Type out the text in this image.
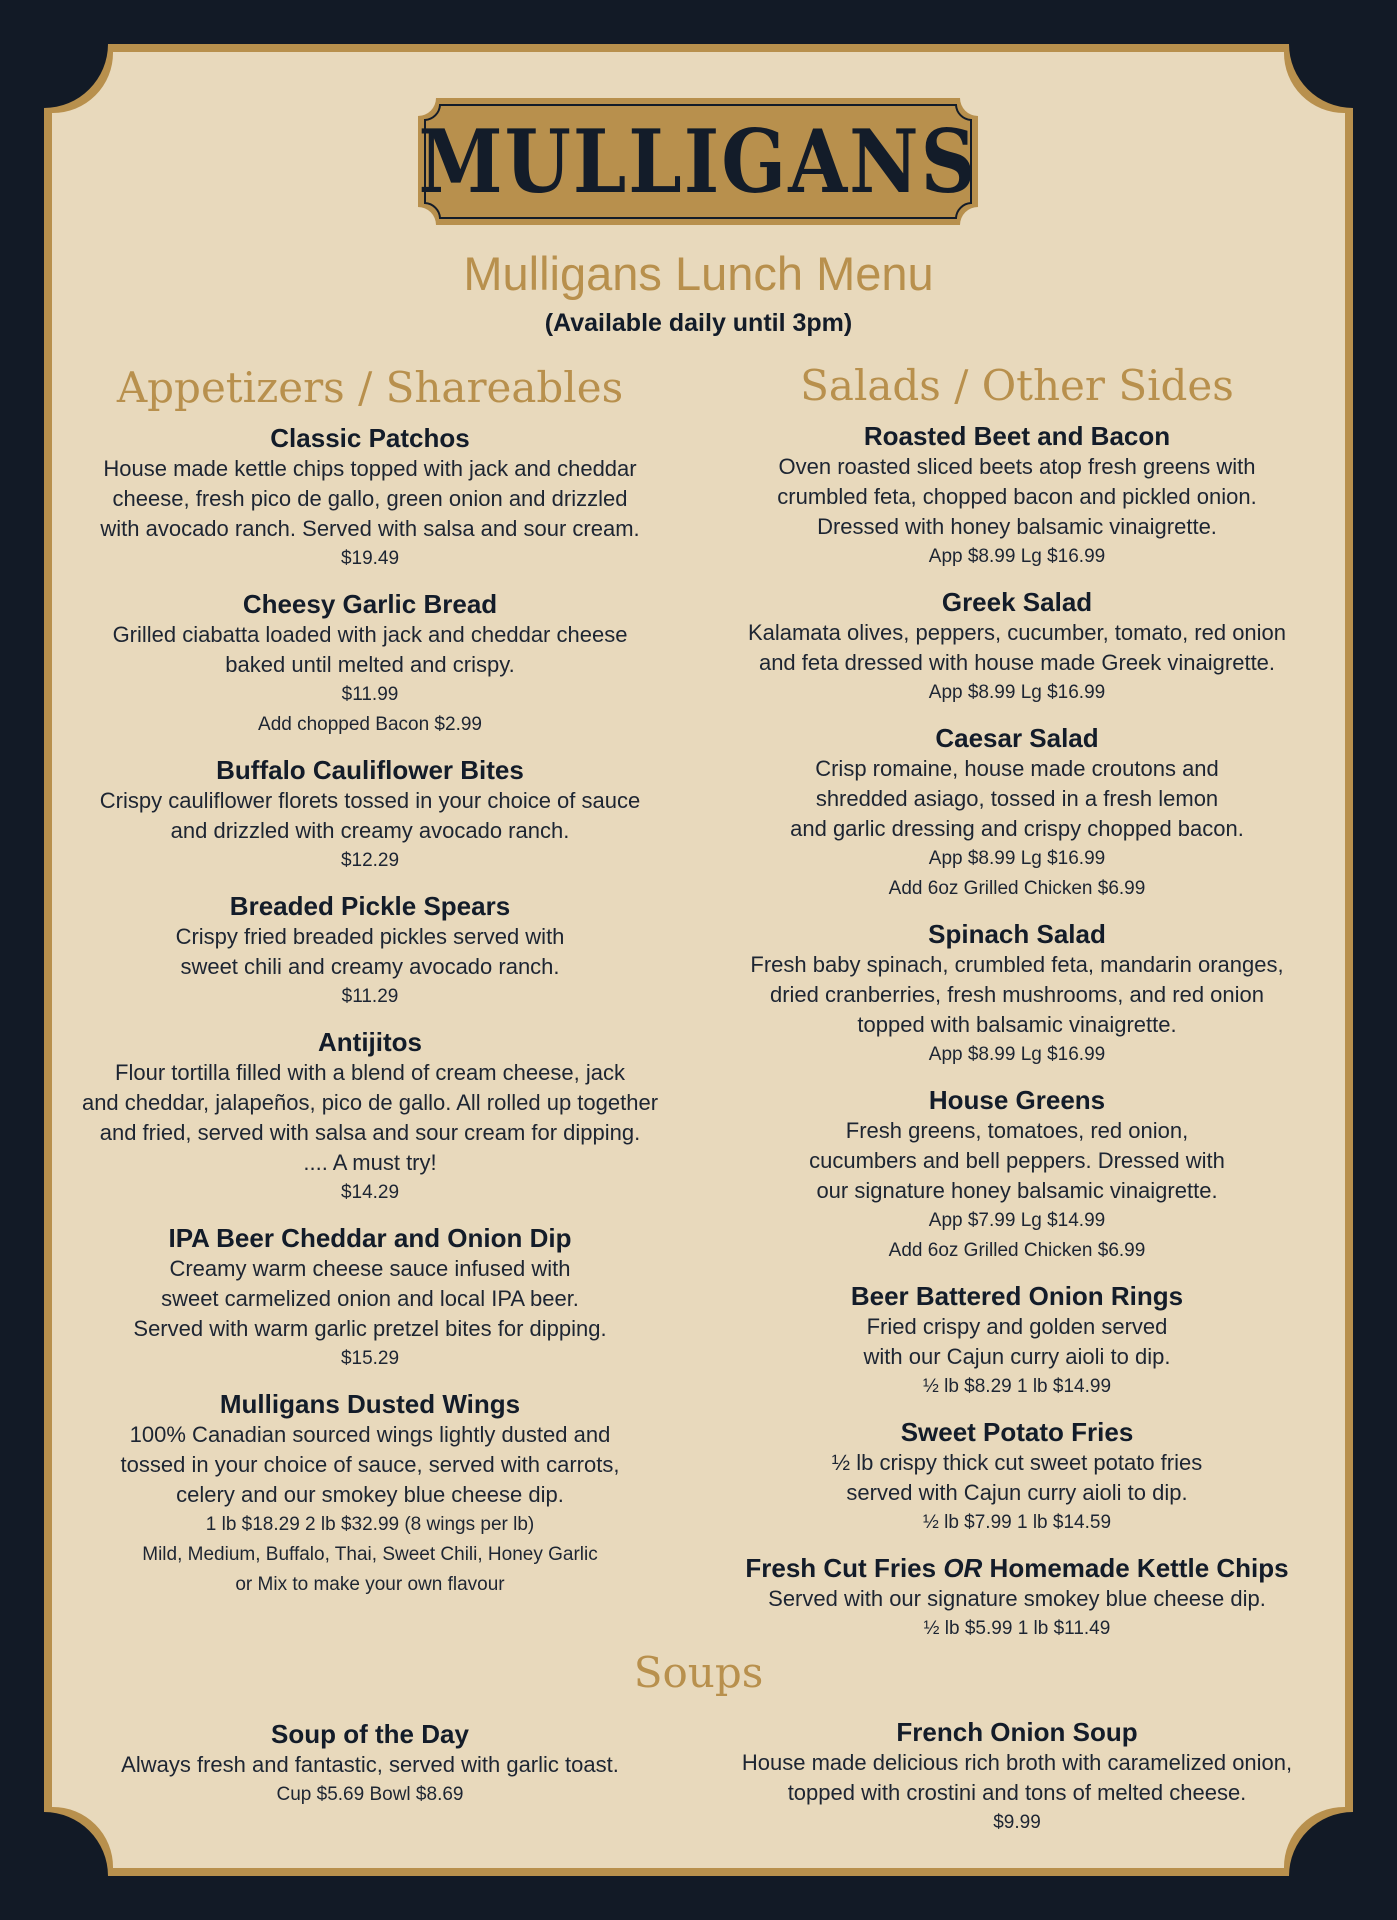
MULLIGANS
Mulligans Lunch Menu
(Available daily until 3pm)
Appetizers / Shareables
Classic Patchos
House made kettle chips topped with jack and cheddar
cheese, fresh pico de gallo, green onion and drizzled
with avocado ranch. Served with salsa and sour cream.
$19.49
Cheesy Garlic Bread
Grilled ciabatta loaded with jack and cheddar cheese
baked until melted and crispy.
$11.99
Add chopped Bacon $2.99
Buffalo Cauliflower Bites
Crispy cauliflower florets tossed in your choice of sauce
and drizzled with creamy avocado ranch.
$12.29
Breaded Pickle Spears
Crispy fried breaded pickles served with
sweet chili and creamy avocado ranch.
$11.29
Antijitos
Flour tortilla filled with a blend of cream cheese, jack
and cheddar, jalapeños, pico de gallo. All rolled up together
and fried, served with salsa and sour cream for dipping.
.... A must try!
$14.29
IPA Beer Cheddar and Onion Dip
Creamy warm cheese sauce infused with
sweet carmelized onion and local IPA beer.
Served with warm garlic pretzel bites for dipping.
$15.29
Mulligans Dusted Wings
100% Canadian sourced wings lightly dusted and
tossed in your choice of sauce, served with carrots,
celery and our smokey blue cheese dip.
1 lb $18.29 2 lb $32.99 (8 wings per lb)
Mild, Medium, Buffalo, Thai, Sweet Chili, Honey Garlic
or Mix to make your own flavour
Salads / Other Sides
Roasted Beet and Bacon
Oven roasted sliced beets atop fresh greens with
crumbled feta, chopped bacon and pickled onion.
Dressed with honey balsamic vinaigrette.
App $8.99 Lg $16.99
Greek Salad
Kalamata olives, peppers, cucumber, tomato, red onion
and feta dressed with house made Greek vinaigrette.
App $8.99 Lg $16.99
Caesar Salad
Crisp romaine, house made croutons and
shredded asiago, tossed in a fresh lemon
and garlic dressing and crispy chopped bacon.
App $8.99 Lg $16.99
Add 6oz Grilled Chicken $6.99
Spinach Salad
Fresh baby spinach, crumbled feta, mandarin oranges,
dried cranberries, fresh mushrooms, and red onion
topped with balsamic vinaigrette.
App $8.99 Lg $16.99
House Greens
Fresh greens, tomatoes, red onion,
cucumbers and bell peppers. Dressed with
our signature honey balsamic vinaigrette.
App $7.99 Lg $14.99
Add 6oz Grilled Chicken $6.99
Beer Battered Onion Rings
Fried crispy and golden served
with our Cajun curry aioli to dip.
½ lb $8.29 1 lb $14.99
Sweet Potato Fries
½ lb crispy thick cut sweet potato fries
served with Cajun curry aioli to dip.
½ lb $7.99 1 lb $14.59
Fresh Cut Fries OR Homemade Kettle Chips
Served with our signature smokey blue cheese dip.
½ lb $5.99 1 lb $11.49
Soups
Soup of the Day
Always fresh and fantastic, served with garlic toast.
Cup $5.69 Bowl $8.69
French Onion Soup
House made delicious rich broth with caramelized onion,
topped with crostini and tons of melted cheese.
$9.99
